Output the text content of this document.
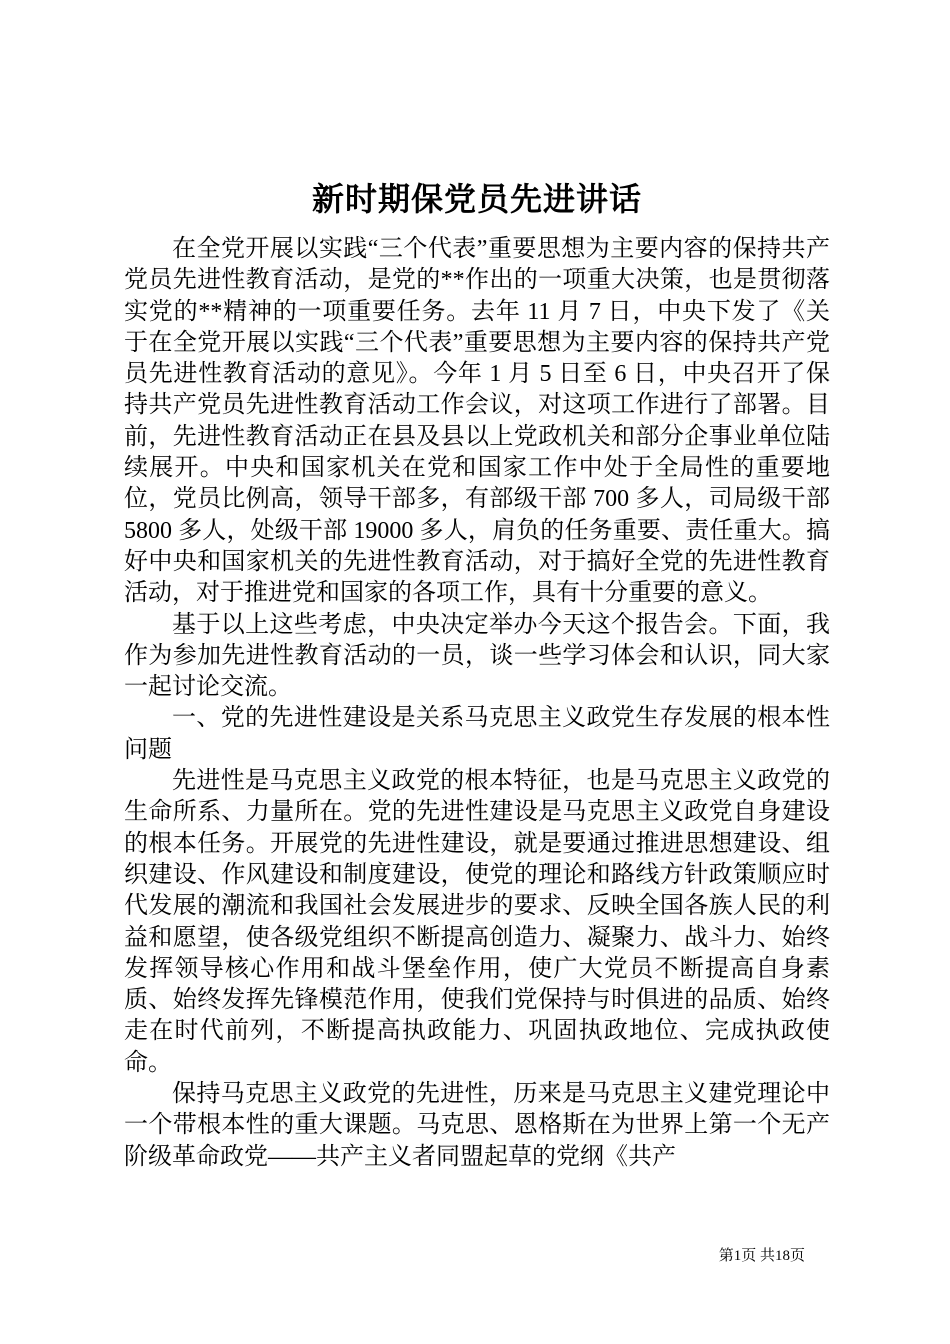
新时期保党员先进讲话

在全党开展以实践“三个代表”重要思想为主要内容的保持共产党员先进性教育活动，是党的**作出的一项重大决策，也是贯彻落实党的**精神的一项重要任务。去年 11 月 7 日，中央下发了《关于在全党开展以实践“三个代表”重要思想为主要内容的保持共产党员先进性教育活动的意见》。今年 1 月 5 日至 6 日，中央召开了保持共产党员先进性教育活动工作会议，对这项工作进行了部署。目前，先进性教育活动正在县及县以上党政机关和部分企事业单位陆续展开。中央和国家机关在党和国家工作中处于全局性的重要地位，党员比例高，领导干部多，有部级干部 700 多人，司局级干部 5800 多人，处级干部 19000 多人，肩负的任务重要、责任重大。搞好中央和国家机关的先进性教育活动，对于搞好全党的先进性教育活动，对于推进党和国家的各项工作，具有十分重要的意义。

基于以上这些考虑，中央决定举办今天这个报告会。下面，我作为参加先进性教育活动的一员，谈一些学习体会和认识，同大家一起讨论交流。

一、党的先进性建设是关系马克思主义政党生存发展的根本性问题

先进性是马克思主义政党的根本特征，也是马克思主义政党的生命所系、力量所在。党的先进性建设是马克思主义政党自身建设的根本任务。开展党的先进性建设，就是要通过推进思想建设、组织建设、作风建设和制度建设，使党的理论和路线方针政策顺应时代发展的潮流和我国社会发展进步的要求、反映全国各族人民的利益和愿望，使各级党组织不断提高创造力、凝聚力、战斗力、始终发挥领导核心作用和战斗堡垒作用，使广大党员不断提高自身素质、始终发挥先锋模范作用，使我们党保持与时俱进的品质、始终走在时代前列，不断提高执政能力、巩固执政地位、完成执政使命。

保持马克思主义政党的先进性，历来是马克思主义建党理论中一个带根本性的重大课题。马克思、恩格斯在为世界上第一个无产阶级革命政党——共产主义者同盟起草的党纲《共产

第1页 共18页
